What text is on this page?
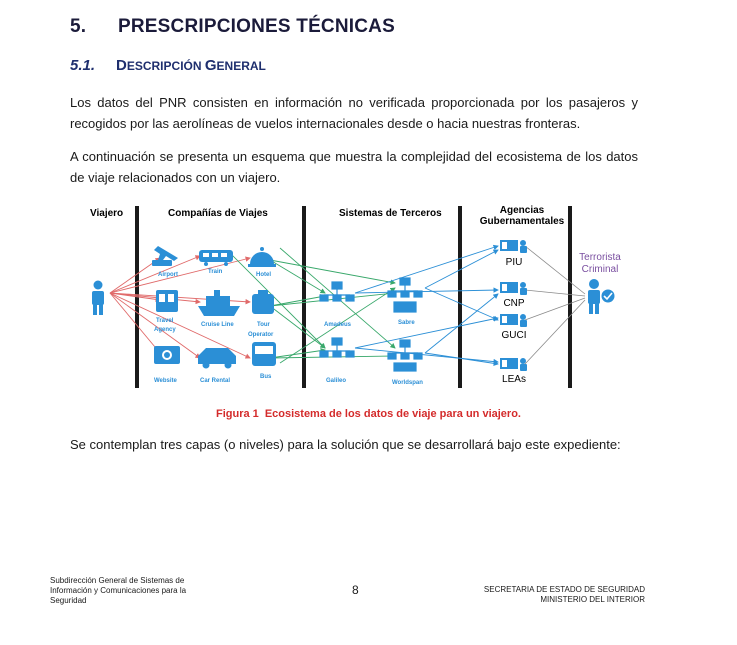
5. PRESCRIPCIONES TÉCNICAS
5.1. DESCRIPCIÓN GENERAL
Los datos del PNR consisten en información no verificada proporcionada por los pasajeros y recogidos por las aerolíneas de vuelos internacionales desde o hacia nuestras fronteras.
A continuación se presenta un esquema que muestra la complejidad del ecosistema de los datos de viaje relacionados con un viajero.
Viajero	Compañías de Viajes	Sistemas de Terceros	Agencias
Gubernamentales
Terrorista
Criminal
Airport	Train	Hotel
Travel
Agency
Cruise Line	Tour
Operator
Website	Car Rental
Bus
Amadeus	Sabre
Galileo	Worldspan
PIU
CNP
GUCI
LEAs
Figura 1 Ecosistema de los datos de viaje para un viajero.
Se contemplan tres capas (o niveles) para la solución que se desarrollará bajo este expediente:
Subdirección General de Sistemas de Información y Comunicaciones para la Seguridad
8	SECRETARIA DE ESTADO DE SEGURIDAD
MINISTERIO DEL INTERIOR
